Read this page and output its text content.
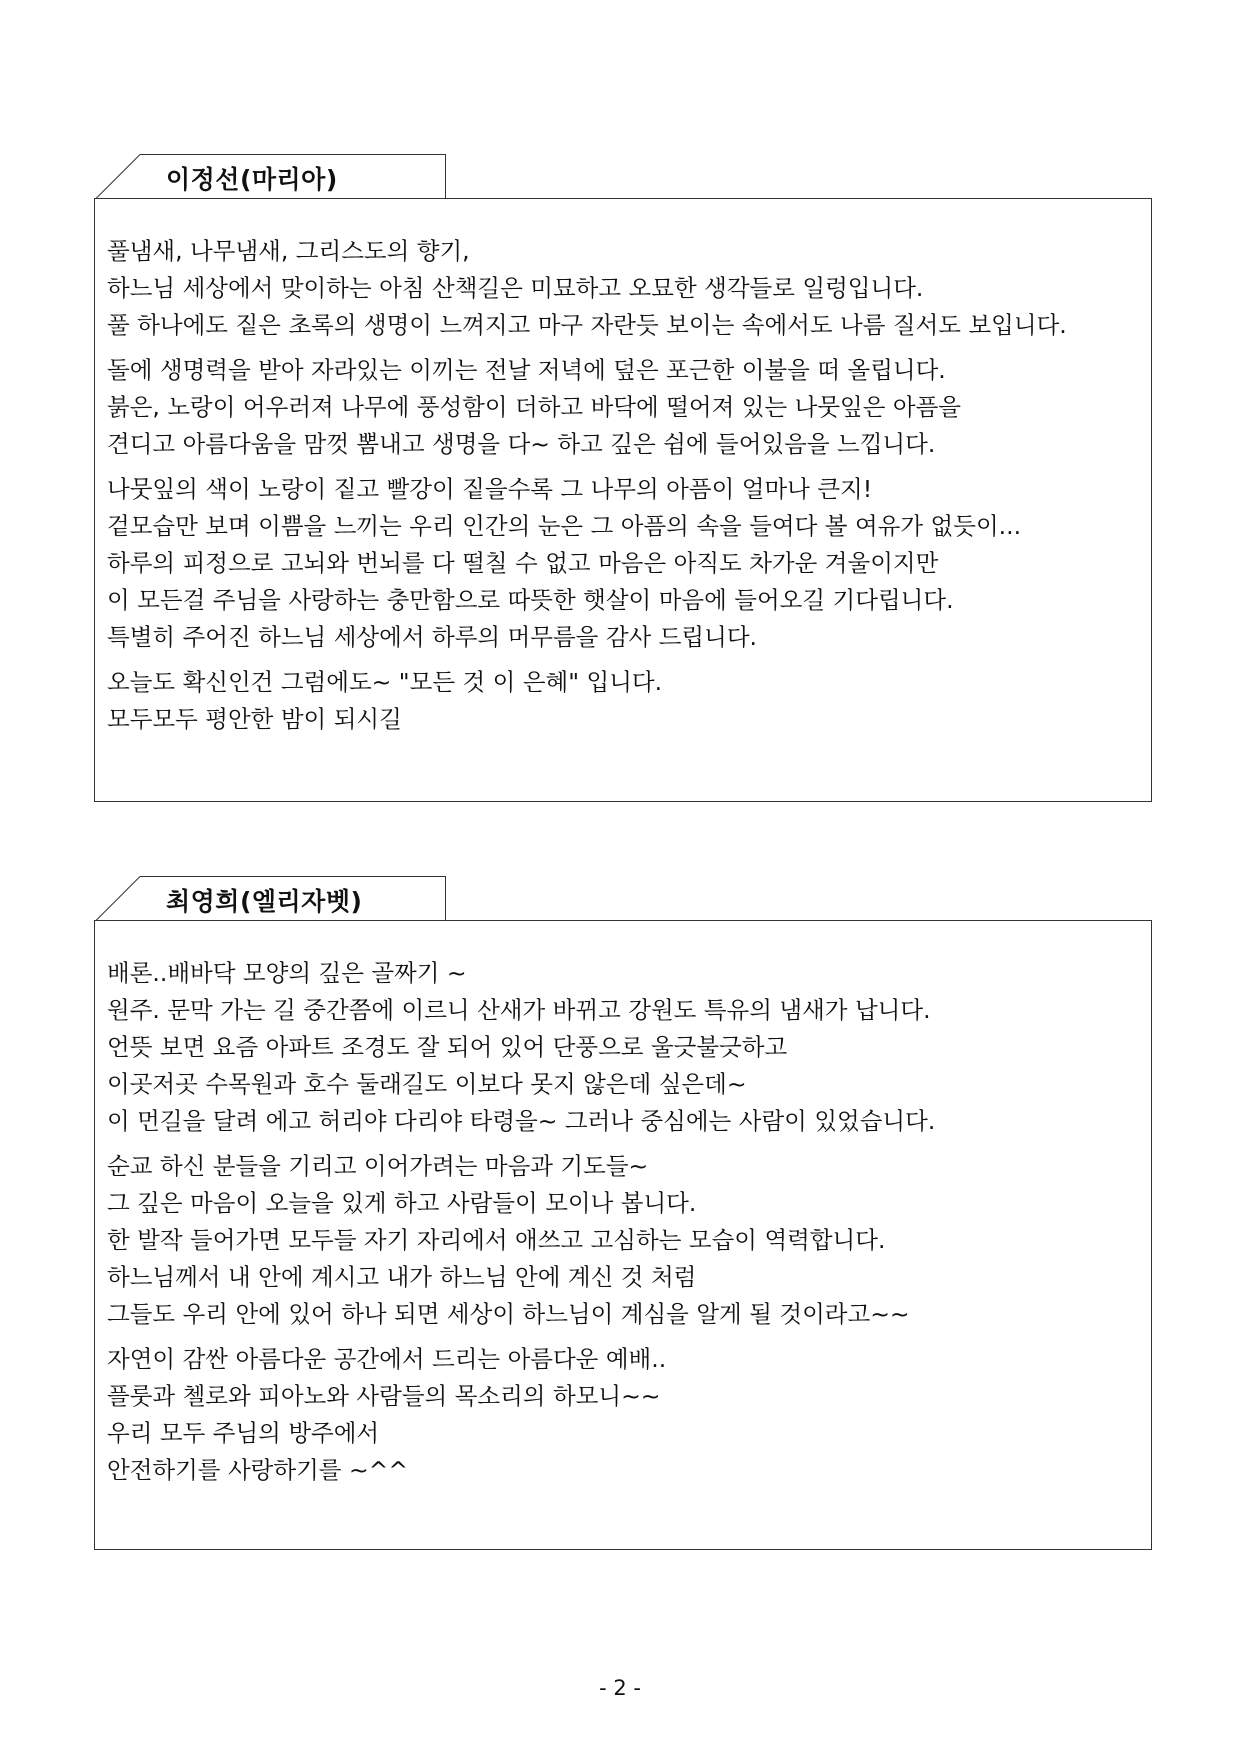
이정선(마리아)
풀냄새, 나무냄새, 그리스도의 향기,
하느님 세상에서 맞이하는 아침 산책길은 미묘하고 오묘한 생각들로 일렁입니다.
풀 하나에도 짙은 초록의 생명이 느껴지고 마구 자란듯 보이는 속에서도 나름 질서도 보입니다.
돌에 생명력을 받아 자라있는 이끼는 전날 저녁에 덮은 포근한 이불을 떠 올립니다.
붉은, 노랑이 어우러져 나무에 풍성함이 더하고 바닥에 떨어져 있는 나뭇잎은 아픔을
견디고 아름다움을 맘껏 뽐내고 생명을 다~ 하고 깊은 쉼에 들어있음을 느낍니다.
나뭇잎의 색이 노랑이 짙고 빨강이 짙을수록 그 나무의 아픔이 얼마나 큰지!
겉모습만 보며 이쁨을 느끼는 우리 인간의 눈은 그 아픔의 속을 들여다 볼 여유가 없듯이...
하루의 피정으로 고뇌와 번뇌를 다 떨칠 수 없고 마음은 아직도 차가운 겨울이지만
이 모든걸 주님을 사랑하는 충만함으로 따뜻한 햇살이 마음에 들어오길 기다립니다.
특별히 주어진 하느님 세상에서 하루의 머무름을 감사 드립니다.
오늘도 확신인건 그럼에도~ "모든 것 이 은혜" 입니다.
모두모두 평안한 밤이 되시길
최영희(엘리자벳)
배론..배바닥 모양의 깊은 골짜기 ~
원주. 문막 가는 길 중간쯤에 이르니 산새가 바뀌고 강원도 특유의 냄새가 납니다.
언뜻 보면 요즘 아파트 조경도 잘 되어 있어 단풍으로 울긋불긋하고
이곳저곳 수목원과 호수 둘래길도 이보다 못지 않은데 싶은데~
이 먼길을 달려 에고 허리야 다리야 타령을~ 그러나 중심에는 사람이 있었습니다.
순교 하신 분들을 기리고 이어가려는 마음과 기도들~
그 깊은 마음이 오늘을 있게 하고 사람들이 모이나 봅니다.
한 발작 들어가면 모두들 자기 자리에서 애쓰고 고심하는 모습이 역력합니다.
하느님께서 내 안에 계시고 내가 하느님 안에 계신 것 처럼
그들도 우리 안에 있어 하나 되면 세상이 하느님이 계심을 알게 될 것이라고~~
자연이 감싼 아름다운 공간에서 드리는 아름다운 예배..
플룻과 첼로와 피아노와 사람들의 목소리의 하모니~~
우리 모두 주님의 방주에서
안전하기를 사랑하기를 ~^^
- 2 -
